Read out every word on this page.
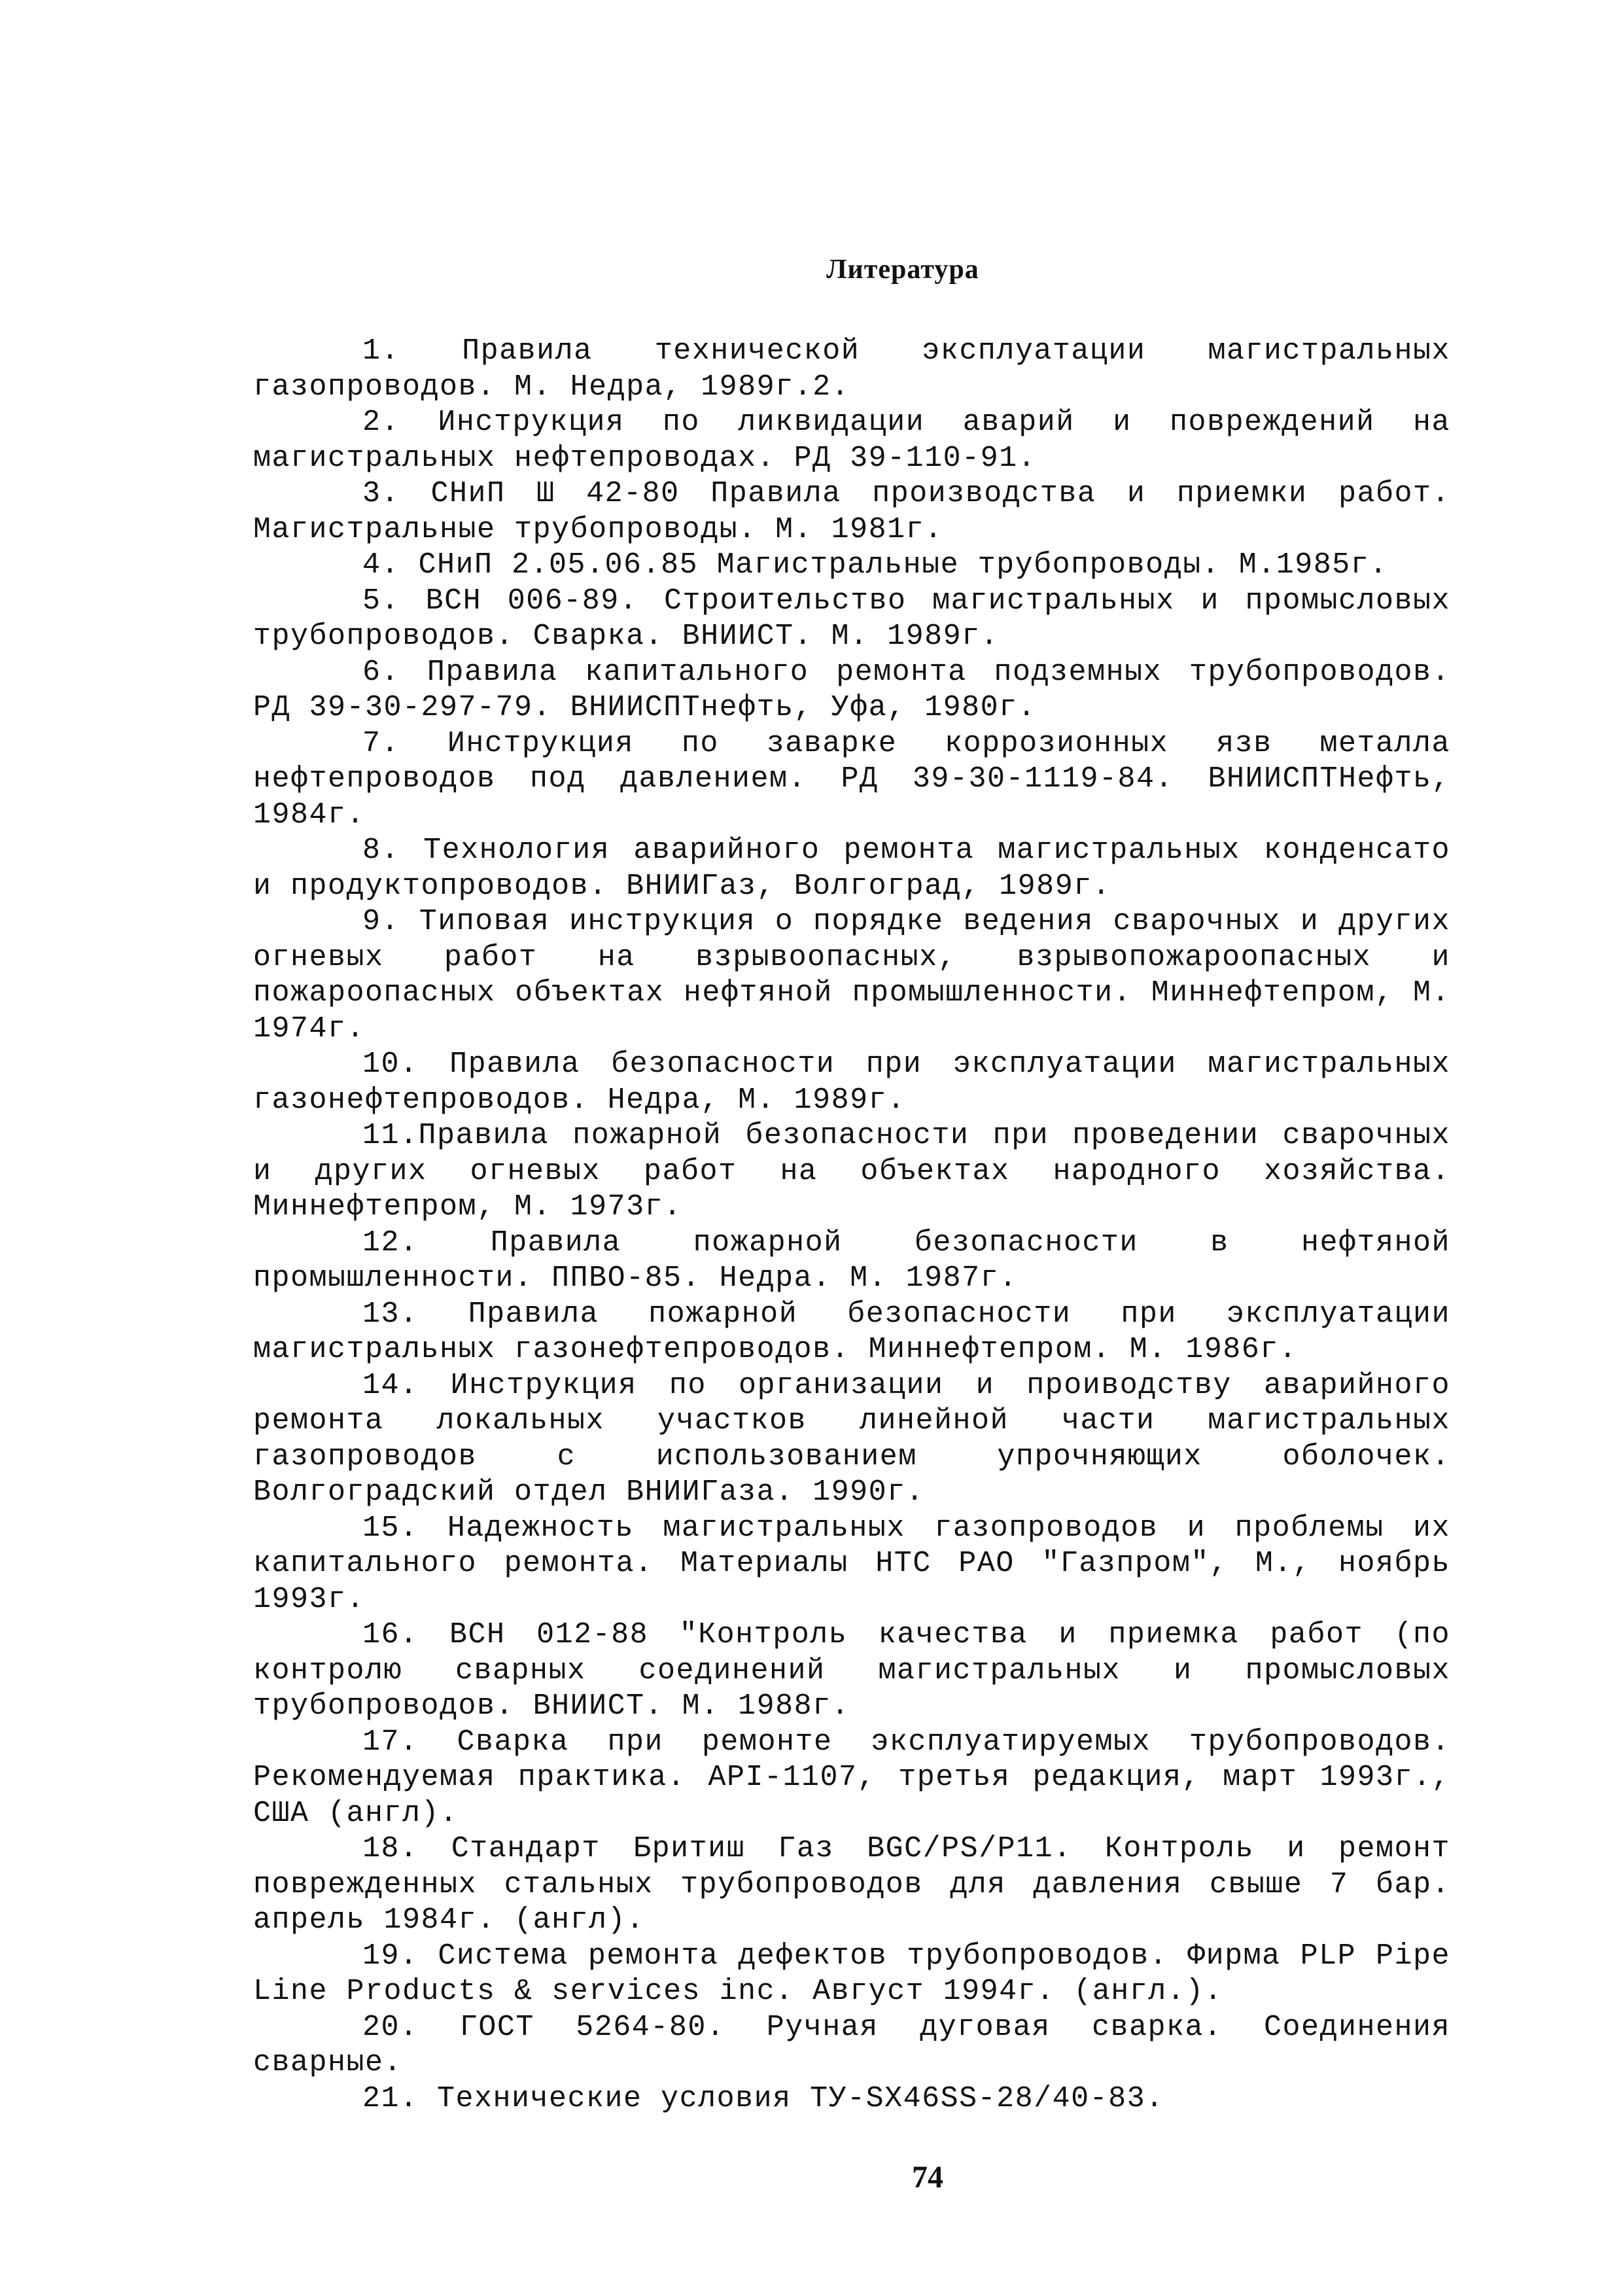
Литература

1. Правила технической эксплуатации магистральных газопроводов. М. Недра, 1989г.2.

2. Инструкция по ликвидации аварий и повреждений на магистральных нефтепроводах. РД 39-110-91.

3. СНиП Ш 42-80 Правила производства и приемки работ. Магистральные трубопроводы. М. 1981г.

4. СНиП 2.05.06.85 Магистральные трубопроводы. М.1985г.

5. ВСН 006-89. Строительство магистральных и промысловых трубопроводов. Сварка. ВНИИСТ. М. 1989г.

6. Правила капитального ремонта подземных трубопроводов. РД 39-30-297-79. ВНИИСПТнефть, Уфа, 1980г.

7. Инструкция по заварке коррозионных язв металла нефтепроводов под давлением. РД 39-30-1119-84. ВНИИСПТНефть, 1984г.

8. Технология аварийного ремонта магистральных конденсато и продуктопроводов. ВНИИГаз, Волгоград, 1989г.

9. Типовая инструкция о порядке ведения сварочных и других огневых работ на взрывоопасных, взрывопожароопасных и пожароопасных объектах нефтяной промышленности. Миннефтепром, М. 1974г.

10. Правила безопасности при эксплуатации магистральных газонефтепроводов. Недра, М. 1989г.

11.Правила пожарной безопасности при проведении сварочных и других огневых работ на объектах народного хозяйства. Миннефтепром, М. 1973г.

12. Правила пожарной безопасности в нефтяной промышленности. ППВО-85. Недра. М. 1987г.

13. Правила пожарной безопасности при эксплуатации магистральных газонефтепроводов. Миннефтепром. М. 1986г.

14. Инструкция по организации и проиводству аварийного ремонта локальных участков линейной части магистральных газопроводов с использованием упрочняющих оболочек. Волгоградский отдел ВНИИГаза. 1990г.

15. Надежность магистральных газопроводов и проблемы их капитального ремонта. Материалы НТС РАО "Газпром", М., ноябрь 1993г.

16. ВСН 012-88 "Контроль качества и приемка работ (по контролю сварных соединений магистральных и промысловых трубопроводов. ВНИИСТ. М. 1988г.

17. Сварка при ремонте эксплуатируемых трубопроводов. Рекомендуемая практика. API-1107, третья редакция, март 1993г., США (англ).

18. Стандарт Бритиш Газ BGC/PS/P11. Контроль и ремонт поврежденных стальных трубопроводов для давления свыше 7 бар. апрель 1984г. (англ).

19. Система ремонта дефектов трубопроводов. Фирма PLP Pipe Line Products & services inc. Август 1994г. (англ.).

20. ГОСТ 5264-80. Ручная дуговая сварка. Соединения сварные.

21. Технические условия ТУ-SX46SS-28/40-83.

74
